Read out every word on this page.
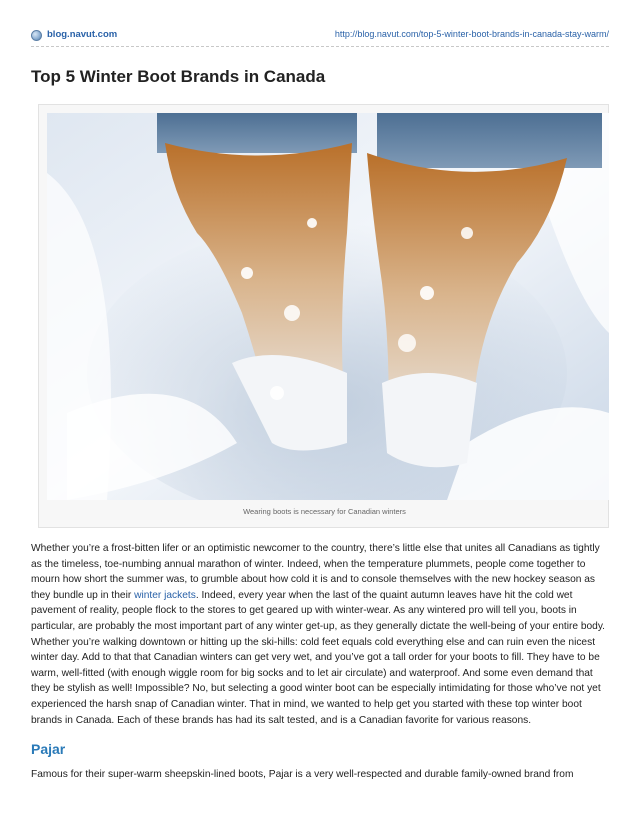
blog.navut.com	http://blog.navut.com/top-5-winter-boot-brands-in-canada-stay-warm/
Top 5 Winter Boot Brands in Canada
Wearing boots is necessary for Canadian winters

Whether you’re a frost-bitten lifer or an optimistic newcomer to the country, there’s little else that unites all Canadians as tightly as the timeless, toe-numbing annual marathon of winter. Indeed, when the temperature plummets, people come together to mourn how short the summer was, to grumble about how cold it is and to console themselves with the new hockey season as they bundle up in their winter jackets. Indeed, every year when the last of the quaint autumn leaves have hit the cold wet pavement of reality, people flock to the stores to get geared up with winter-wear. As any wintered pro will tell you, boots in particular, are probably the most important part of any winter get-up, as they generally dictate the well-being of your entire body. Whether you’re walking downtown or hitting up the ski-hills: cold feet equals cold everything else and can ruin even the nicest winter day. Add to that that Canadian winters can get very wet, and you’ve got a tall order for your boots to fill. They have to be warm, well-fitted (with enough wiggle room for big socks and to let air circulate) and waterproof. And some even demand that they be stylish as well! Impossible? No, but selecting a good winter boot can be especially intimidating for those who’ve not yet experienced the harsh snap of Canadian winter. That in mind, we wanted to help get you started with these top winter boot brands in Canada. Each of these brands has had its salt tested, and is a Canadian favorite for various reasons.

Pajar

Famous for their super-warm sheepskin-lined boots, Pajar is a very well-respected and durable family-owned brand from
